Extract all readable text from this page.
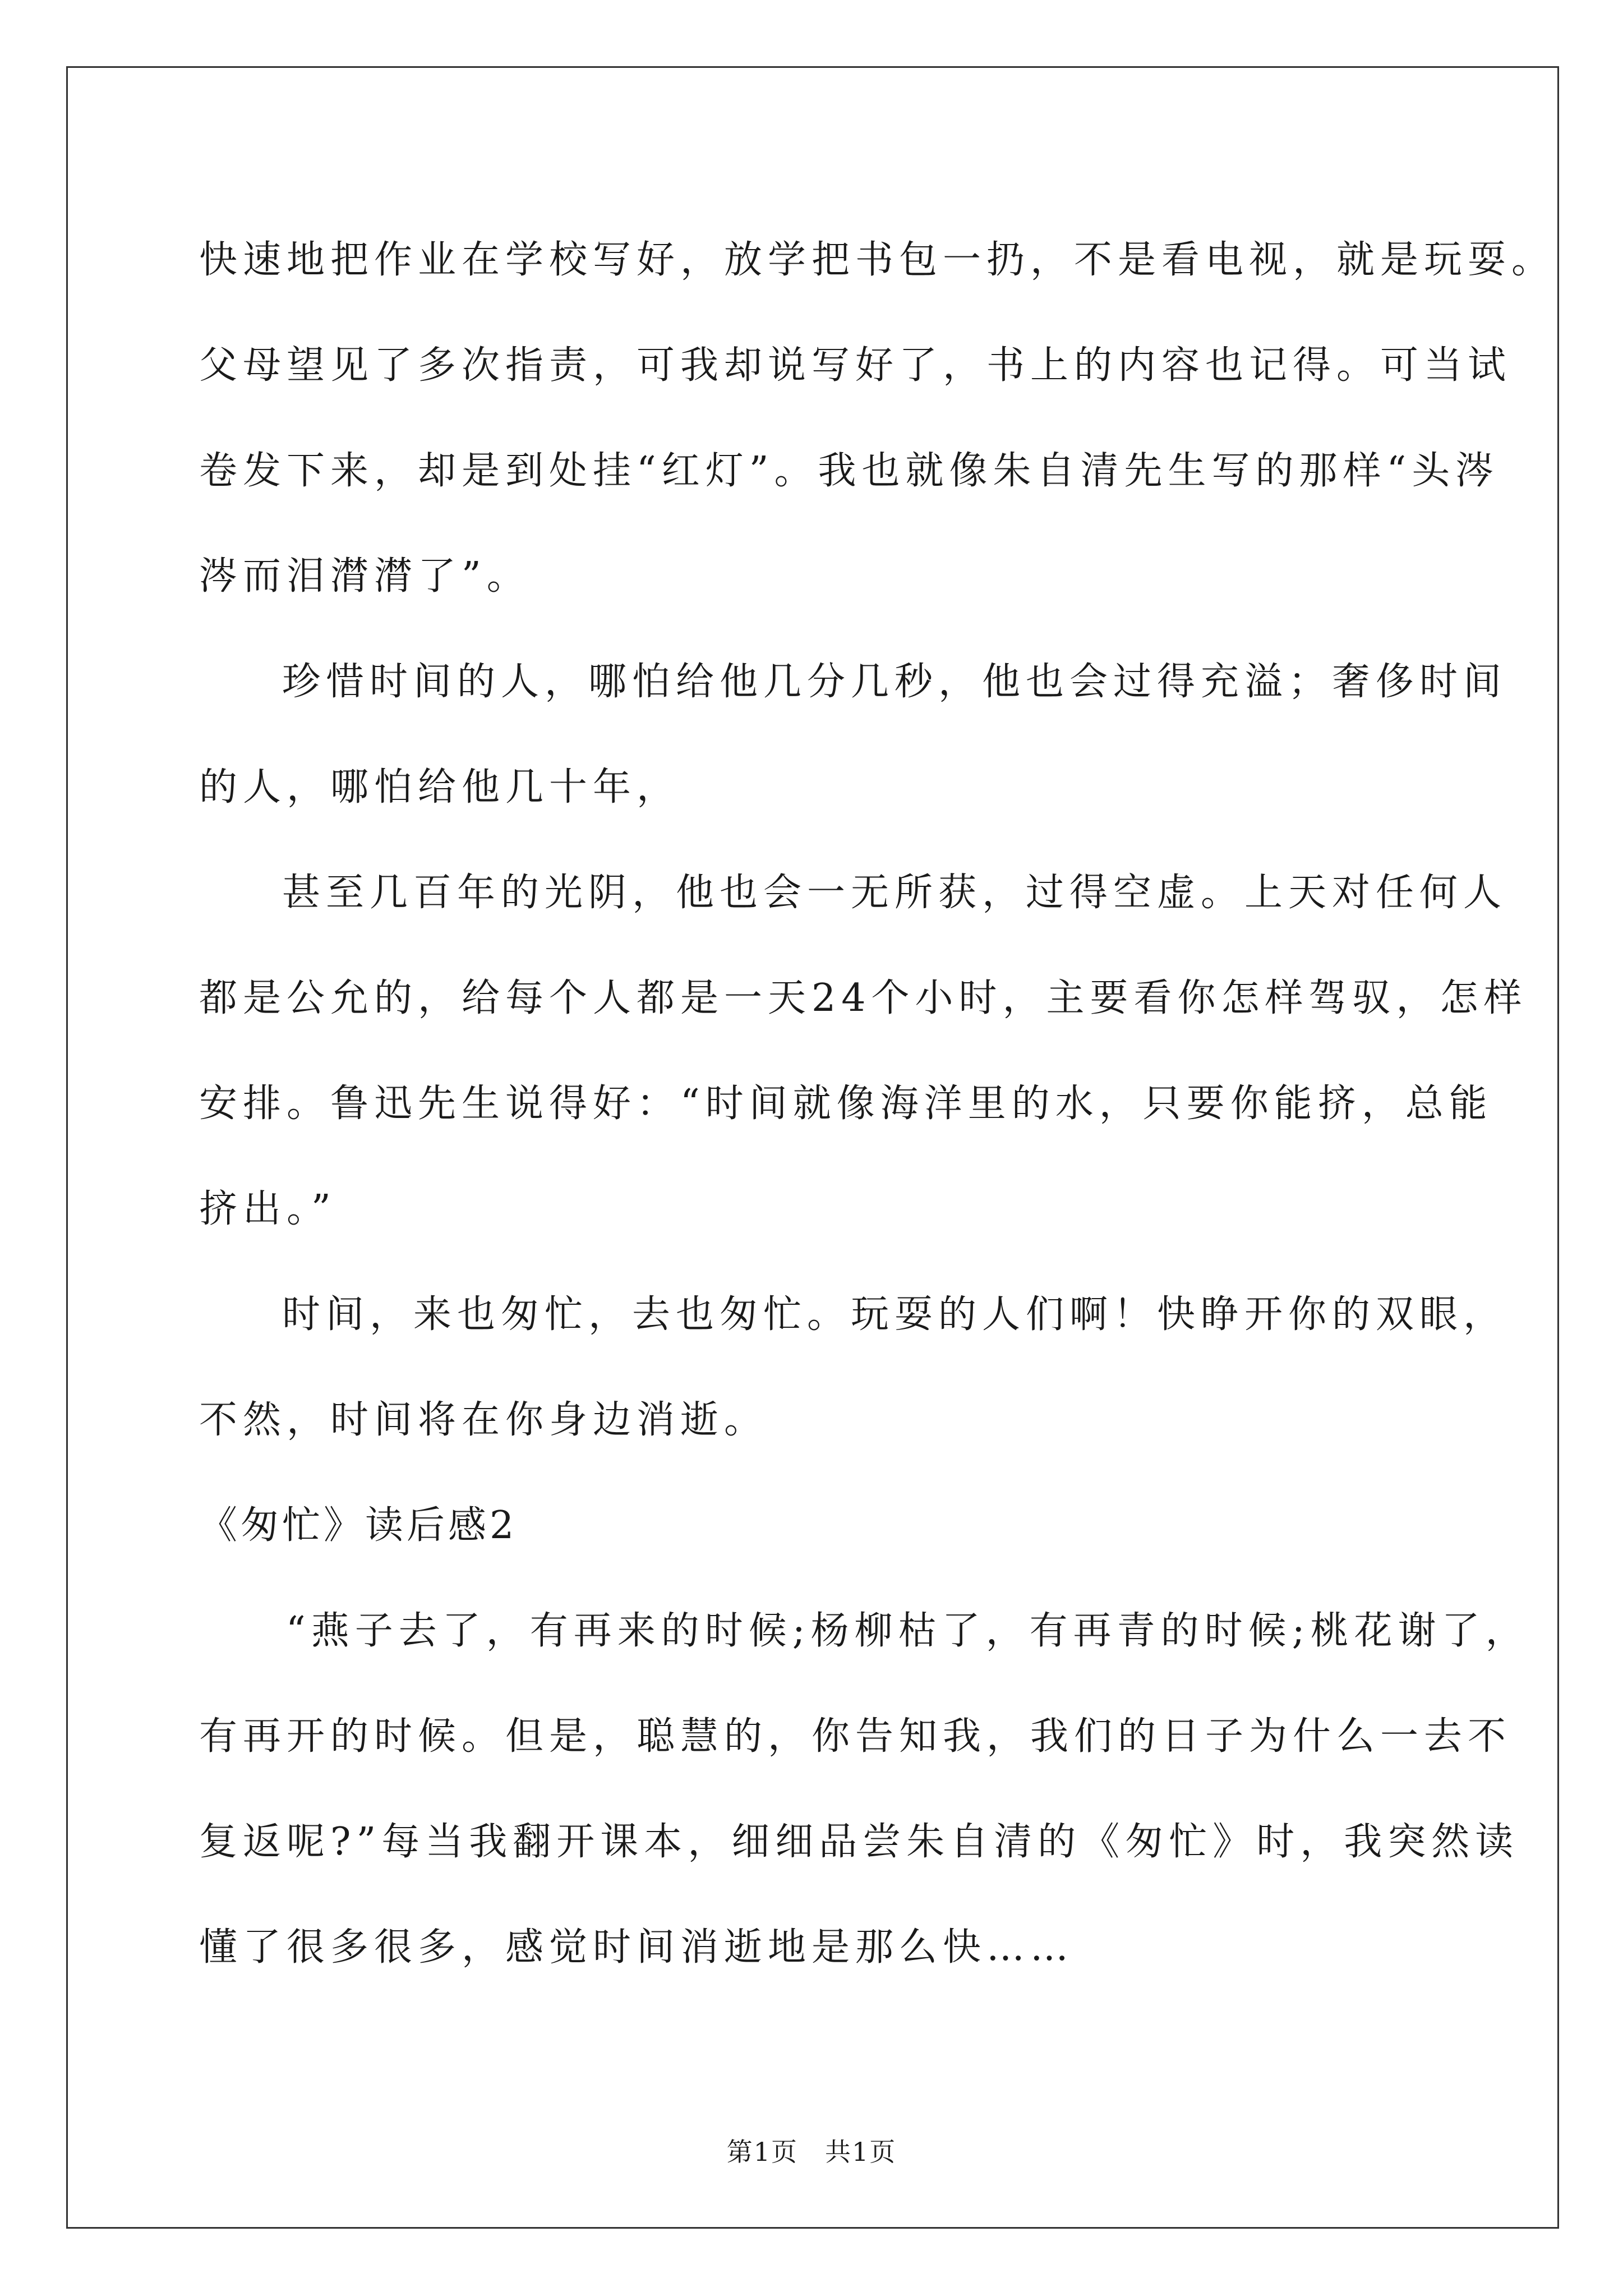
快速地把作业在学校写好，放学把书包一扔，不是看电视，就是玩耍。
父母望见了多次指责，可我却说写好了，书上的内容也记得。可当试
卷发下来，却是到处挂“红灯”。我也就像朱自清先生写的那样“头涔
涔而泪潸潸了”。
珍惜时间的人，哪怕给他几分几秒，他也会过得充溢；奢侈时间
的人，哪怕给他几十年，
甚至几百年的光阴，他也会一无所获，过得空虚。上天对任何人
都是公允的，给每个人都是一天24个小时，主要看你怎样驾驭，怎样
安排。鲁迅先生说得好：“时间就像海洋里的水，只要你能挤，总能
挤出。”
时间，来也匆忙，去也匆忙。玩耍的人们啊！快睁开你的双眼，
不然，时间将在你身边消逝。
《匆忙》读后感2
“燕子去了，有再来的时候;杨柳枯了，有再青的时候;桃花谢了，
有再开的时候。但是，聪慧的，你告知我，我们的日子为什么一去不
复返呢?”每当我翻开课本，细细品尝朱自清的《匆忙》时，我突然读
懂了很多很多，感觉时间消逝地是那么快……
第1页　共1页
